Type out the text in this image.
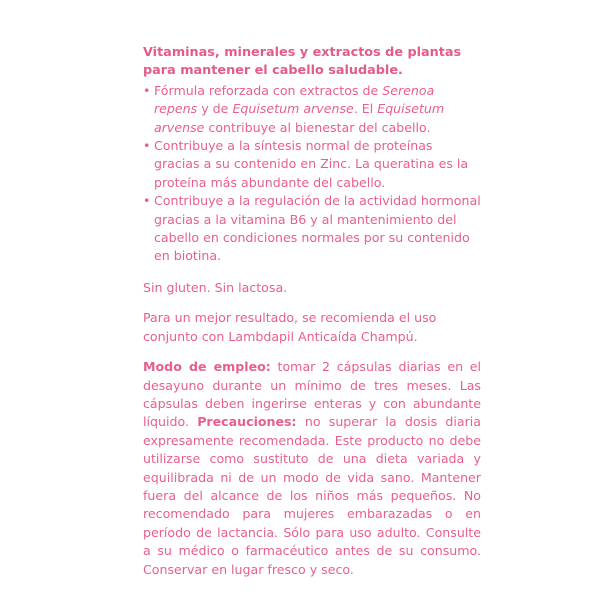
Vitaminas, minerales y extractos de plantas para mantener el cabello saludable.
• Fórmula reforzada con extractos de Serenoa repens y de Equisetum arvense. El Equisetum arvense contribuye al bienestar del cabello.
• Contribuye a la síntesis normal de proteínas gracias a su contenido en Zinc. La queratina es la proteína más abundante del cabello.
• Contribuye a la regulación de la actividad hormonal gracias a la vitamina B6 y al mantenimiento del cabello en condiciones normales por su contenido en biotina.

Sin gluten. Sin lactosa.

Para un mejor resultado, se recomienda el uso conjunto con Lambdapil Anticaída Champú.

Modo de empleo: tomar 2 cápsulas diarias en el desayuno durante un mínimo de tres meses. Las cápsulas deben ingerirse enteras y con abundante líquido. Precauciones: no superar la dosis diaria expresamente recomendada. Este producto no debe utilizarse como sustituto de una dieta variada y equilibrada ni de un modo de vida sano. Mantener fuera del alcance de los niños más pequeños. No recomendado para mujeres embarazadas o en período de lactancia. Sólo para uso adulto. Consulte a su médico o farmacéutico antes de su consumo. Conservar en lugar fresco y seco.
